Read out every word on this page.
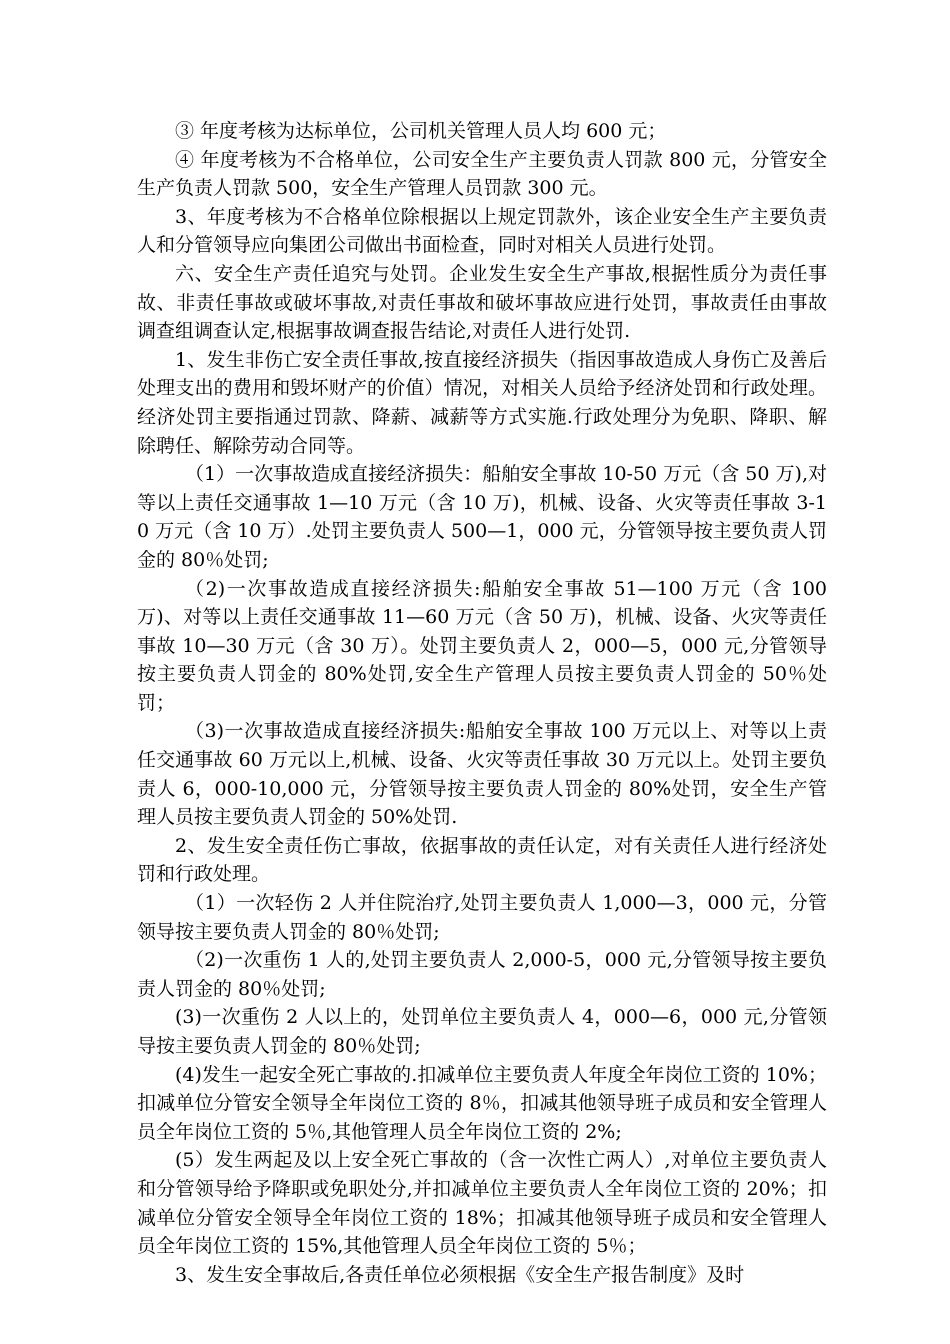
③ 年度考核为达标单位，公司机关管理人员人均 600 元；

④ 年度考核为不合格单位，公司安全生产主要负责人罚款 800 元，分管安全生产负责人罚款 500，安全生产管理人员罚款 300 元。

3、年度考核为不合格单位除根据以上规定罚款外，该企业安全生产主要负责人和分管领导应向集团公司做出书面检查，同时对相关人员进行处罚。

六、安全生产责任追究与处罚。企业发生安全生产事故,根据性质分为责任事故、非责任事故或破坏事故,对责任事故和破坏事故应进行处罚，事故责任由事故调查组调查认定,根据事故调查报告结论,对责任人进行处罚.

1、发生非伤亡安全责任事故,按直接经济损失（指因事故造成人身伤亡及善后处理支出的费用和毁坏财产的价值）情况，对相关人员给予经济处罚和行政处理。经济处罚主要指通过罚款、降薪、减薪等方式实施.行政处理分为免职、降职、解除聘任、解除劳动合同等。

（1）一次事故造成直接经济损失：船舶安全事故 10-50 万元（含 50 万),对等以上责任交通事故 1—10 万元（含 10 万)，机械、设备、火灾等责任事故 3-10 万元（含 10 万）.处罚主要负责人 500—1，000 元，分管领导按主要负责人罚金的 80％处罚;

（2)一次事故造成直接经济损失:船舶安全事故 51—100 万元（含 100 万)、对等以上责任交通事故 11—60 万元（含 50 万)，机械、设备、火灾等责任事故 10—30 万元（含 30 万）。处罚主要负责人 2，000—5，000 元,分管领导按主要负责人罚金的 80%处罚,安全生产管理人员按主要负责人罚金的 50％处罚；

（3)一次事故造成直接经济损失:船舶安全事故 100 万元以上、对等以上责任交通事故 60 万元以上,机械、设备、火灾等责任事故 30 万元以上。处罚主要负责人 6，000-10,000 元，分管领导按主要负责人罚金的 80%处罚，安全生产管理人员按主要负责人罚金的 50%处罚.

2、发生安全责任伤亡事故，依据事故的责任认定，对有关责任人进行经济处罚和行政处理。

（1）一次轻伤 2 人并住院治疗,处罚主要负责人 1,000—3，000 元，分管领导按主要负责人罚金的 80％处罚;

（2)一次重伤 1 人的,处罚主要负责人 2,000-5，000 元,分管领导按主要负责人罚金的 80％处罚;

(3)一次重伤 2 人以上的，处罚单位主要负责人 4，000—6，000 元,分管领导按主要负责人罚金的 80％处罚;

(4)发生一起安全死亡事故的.扣减单位主要负责人年度全年岗位工资的 10%；扣减单位分管安全领导全年岗位工资的 8％，扣减其他领导班子成员和安全管理人员全年岗位工资的 5％,其他管理人员全年岗位工资的 2%;

(5）发生两起及以上安全死亡事故的（含一次性亡两人）,对单位主要负责人和分管领导给予降职或免职处分,并扣减单位主要负责人全年岗位工资的 20%；扣减单位分管安全领导全年岗位工资的 18%；扣减其他领导班子成员和安全管理人员全年岗位工资的 15%,其他管理人员全年岗位工资的 5％；

3、发生安全事故后,各责任单位必须根据《安全生产报告制度》及时
